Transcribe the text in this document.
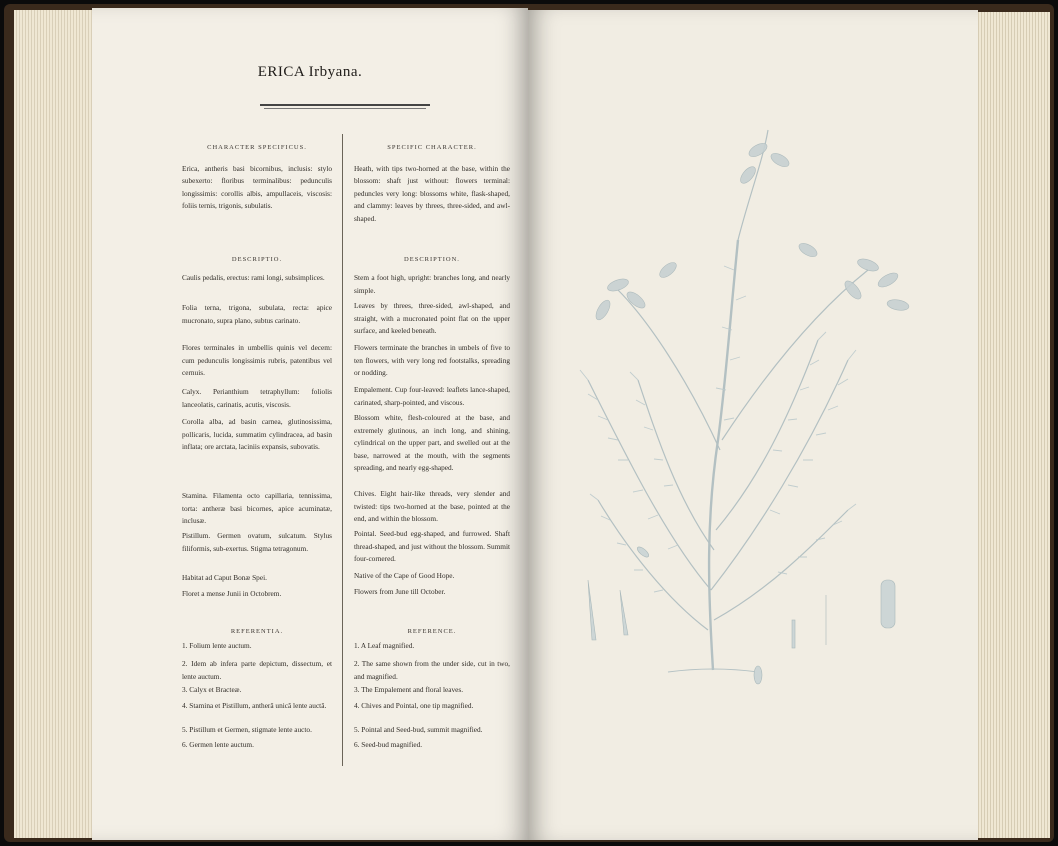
ERICA Irbyana.
CHARACTER SPECIFICUS.

Erica, antheris basi bicornibus, inclusis: stylo subexerto: floribus terminalibus: pedunculis longissimis: corollis albis, ampullaceis, viscosis: foliis ternis, trigonis, subulatis.

DESCRIPTIO.

Caulis pedalis, erectus: rami longi, subsimplices.

Folia terna, trigona, subulata, recta: apice mucronato, supra plano, subtus carinato.

Flores terminales in umbellis quinis vel decem: cum pedunculis longissimis rubris, patentibus vel cernuis.

Calyx. Perianthium tetraphyllum: foliolis lanceolatis, carinatis, acutis, viscosis.

Corolla alba, ad basin carnea, glutinosissima, pollicaris, lucida, summatim cylindracea, ad basin inflata; ore arctata, laciniis expansis, subovatis.

Stamina. Filamenta octo capillaria, tennissima, torta: antheræ basi bicornes, apice acuminatæ, inclusæ.

Pistillum. Germen ovatum, sulcatum. Stylus filiformis, sub-exertus. Stigma tetragonum.

Habitat ad Caput Bonæ Spei.

Floret a mense Junii in Octobrem.

REFERENTIA.

1. Folium lente auctum.

2. Idem ab infera parte depictum, dissectum, et lente auctum.

3. Calyx et Bracteæ.

4. Stamina et Pistillum, antherâ unicâ lente auctâ.

5. Pistillum et Germen, stigmate lente aucto.

6. Germen lente auctum.

SPECIFIC CHARACTER.

Heath, with tips two-horned at the base, within the blossom: shaft just without: flowers terminal: peduncles very long: blossoms white, flask-shaped, and clammy: leaves by threes, three-sided, and awl-shaped.

DESCRIPTION.

Stem a foot high, upright: branches long, and nearly simple.

Leaves by threes, three-sided, awl-shaped, and straight, with a mucronated point flat on the upper surface, and keeled beneath.

Flowers terminate the branches in umbels of five to ten flowers, with very long red footstalks, spreading or nodding.

Empalement. Cup four-leaved: leaflets lance-shaped, carinated, sharp-pointed, and viscous.

Blossom white, flesh-coloured at the base, and extremely glutinous, an inch long, and shining, cylindrical on the upper part, and swelled out at the base, narrowed at the mouth, with the segments spreading, and nearly egg-shaped.

Chives. Eight hair-like threads, very slender and twisted: tips two-horned at the base, pointed at the end, and within the blossom.

Pointal. Seed-bud egg-shaped, and furrowed. Shaft thread-shaped, and just without the blossom. Summit four-cornered.

Native of the Cape of Good Hope.

Flowers from June till October.

REFERENCE.

1. A Leaf magnified.

2. The same shown from the under side, cut in two, and magnified.

3. The Empalement and floral leaves.

4. Chives and Pointal, one tip magnified.

5. Pointal and Seed-bud, summit magnified.

6. Seed-bud magnified.
